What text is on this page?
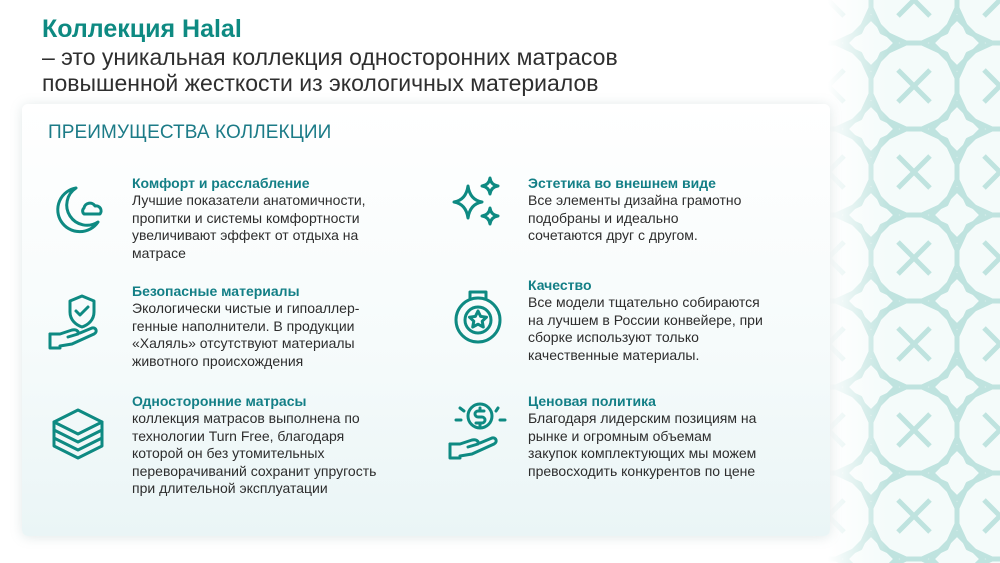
Коллекция Halal

– это уникальная коллекция односторонних матрасов

повышенной жесткости из экологичных материалов

ПРЕИМУЩЕСТВА КОЛЛЕКЦИИ

Комфорт и расслабление

Лучшие показатели анатомичности,
пропитки и системы комфортности
увеличивают эффект от отдыха на
матрасе

Безопасные материалы

Экологически чистые и гипоаллер-
генные наполнители. В продукции
«Халяль» отсутствуют материалы
животного происхождения

Односторонние матрасы

коллекция матрасов выполнена по
технологии Turn Free, благодаря
которой он без утомительных
переворачиваний сохранит упругость
при длительной эксплуатации

Эстетика во внешнем виде

Все элементы дизайна грамотно
подобраны и идеально
сочетаются друг с другом.

Качество

Все модели тщательно собираются
на лучшем в России конвейере, при
сборке используют только
качественные материалы.

Ценовая политика

Благодаря лидерским позициям на
рынке и огромным объемам
закупок комплектующих мы можем
превосходить конкурентов по цене
